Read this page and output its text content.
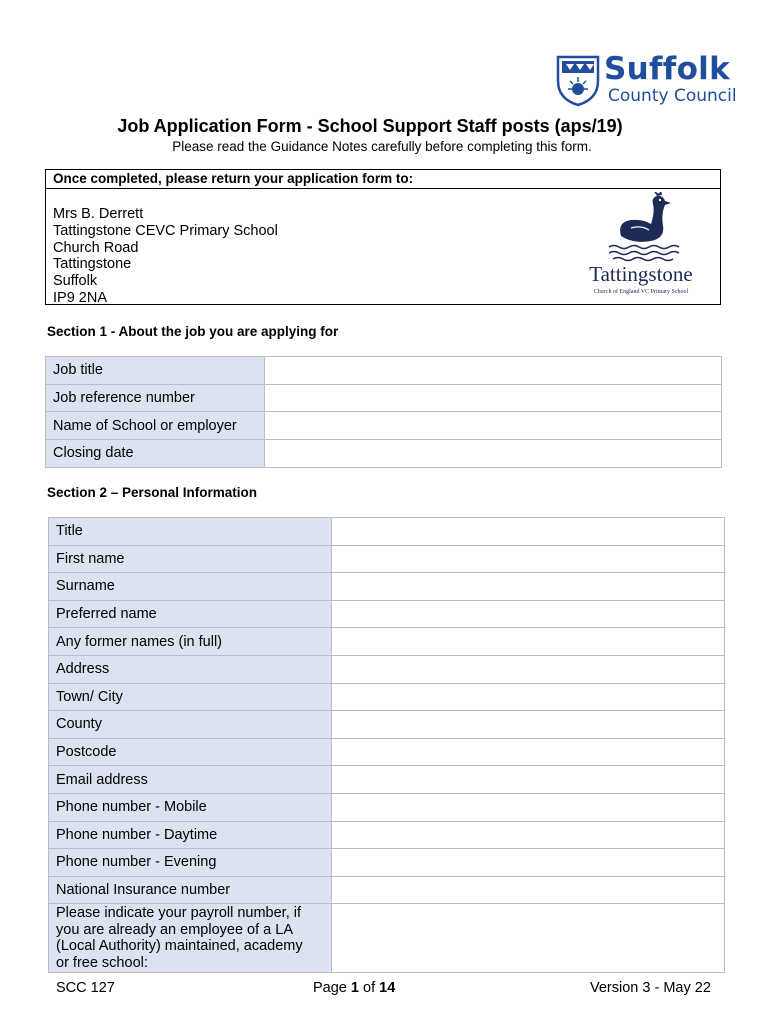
Suffolk
County Council
Job Application Form - School Support Staff posts (aps/19)
Please read the Guidance Notes carefully before completing this form.
Once completed, please return your application form to:
Mrs B. Derrett
Tattingstone CEVC Primary School
Church Road
Tattingstone
Suffolk
IP9 2NA
Tattingstone
Church of England VC Primary School
Section 1 - About the job you are applying for
Job title	
Job reference number	
Name of School or employer	
Closing date	
Section 2 – Personal Information
Title	
First name	
Surname	
Preferred name	
Any former names (in full)	
Address	
Town/ City	
County	
Postcode	
Email address	
Phone number - Mobile	
Phone number - Daytime	
Phone number - Evening	
National Insurance number	

Please indicate your payroll number, if
you are already an employee of a LA
(Local Authority) maintained, academy
or free school:	

SCC 127	Page 1 of 14	Version 3 - May 22
